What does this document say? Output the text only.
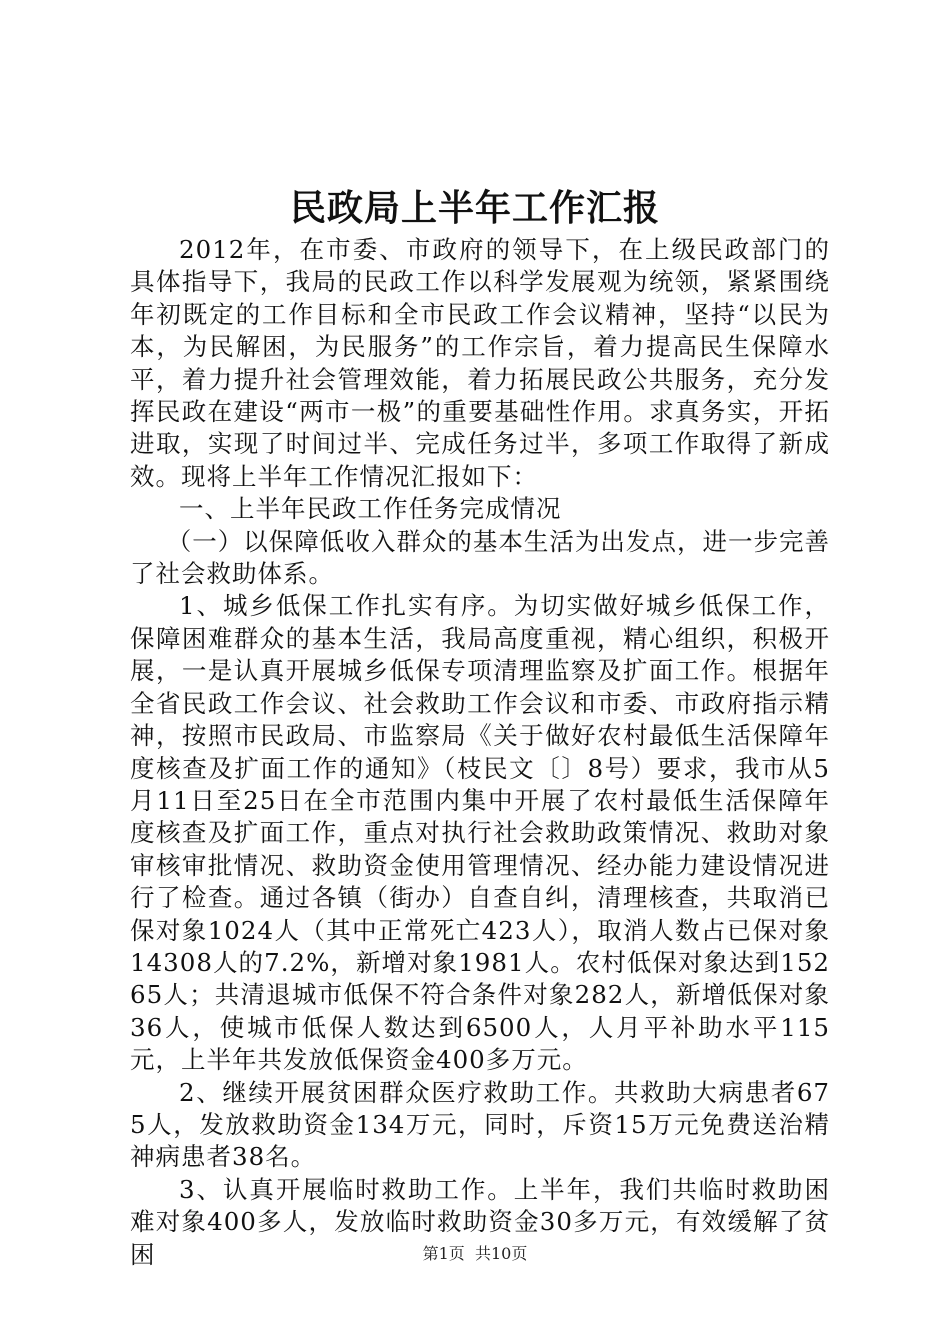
民政局上半年工作汇报

2012年，在市委、市政府的领导下，在上级民政部门的具体指导下，我局的民政工作以科学发展观为统领，紧紧围绕年初既定的工作目标和全市民政工作会议精神，坚持“以民为本，为民解困，为民服务”的工作宗旨，着力提高民生保障水平，着力提升社会管理效能，着力拓展民政公共服务，充分发挥民政在建设“两市一极”的重要基础性作用。求真务实，开拓进取，实现了时间过半、完成任务过半，多项工作取得了新成效。现将上半年工作情况汇报如下：

一、上半年民政工作任务完成情况

（一）以保障低收入群众的基本生活为出发点，进一步完善了社会救助体系。

1、城乡低保工作扎实有序。为切实做好城乡低保工作，保障困难群众的基本生活，我局高度重视，精心组织，积极开展，一是认真开展城乡低保专项清理监察及扩面工作。根据年全省民政工作会议、社会救助工作会议和市委、市政府指示精神，按照市民政局、市监察局《关于做好农村最低生活保障年度核查及扩面工作的通知》（枝民文〔〕8号）要求，我市从5月11日至25日在全市范围内集中开展了农村最低生活保障年度核查及扩面工作，重点对执行社会救助政策情况、救助对象审核审批情况、救助资金使用管理情况、经办能力建设情况进行了检查。通过各镇（街办）自查自纠，清理核查，共取消已保对象1024人（其中正常死亡423人），取消人数占已保对象14308人的7.2%，新增对象1981人。农村低保对象达到15265人；共清退城市低保不符合条件对象282人，新增低保对象36人，使城市低保人数达到6500人，人月平补助水平115元，上半年共发放低保资金400多万元。

2、继续开展贫困群众医疗救助工作。共救助大病患者675人，发放救助资金134万元，同时，斥资15万元免费送治精神病患者38名。

3、认真开展临时救助工作。上半年，我们共临时救助困难对象400多人，发放临时救助资金30多万元，有效缓解了贫困	第1页 共10页
